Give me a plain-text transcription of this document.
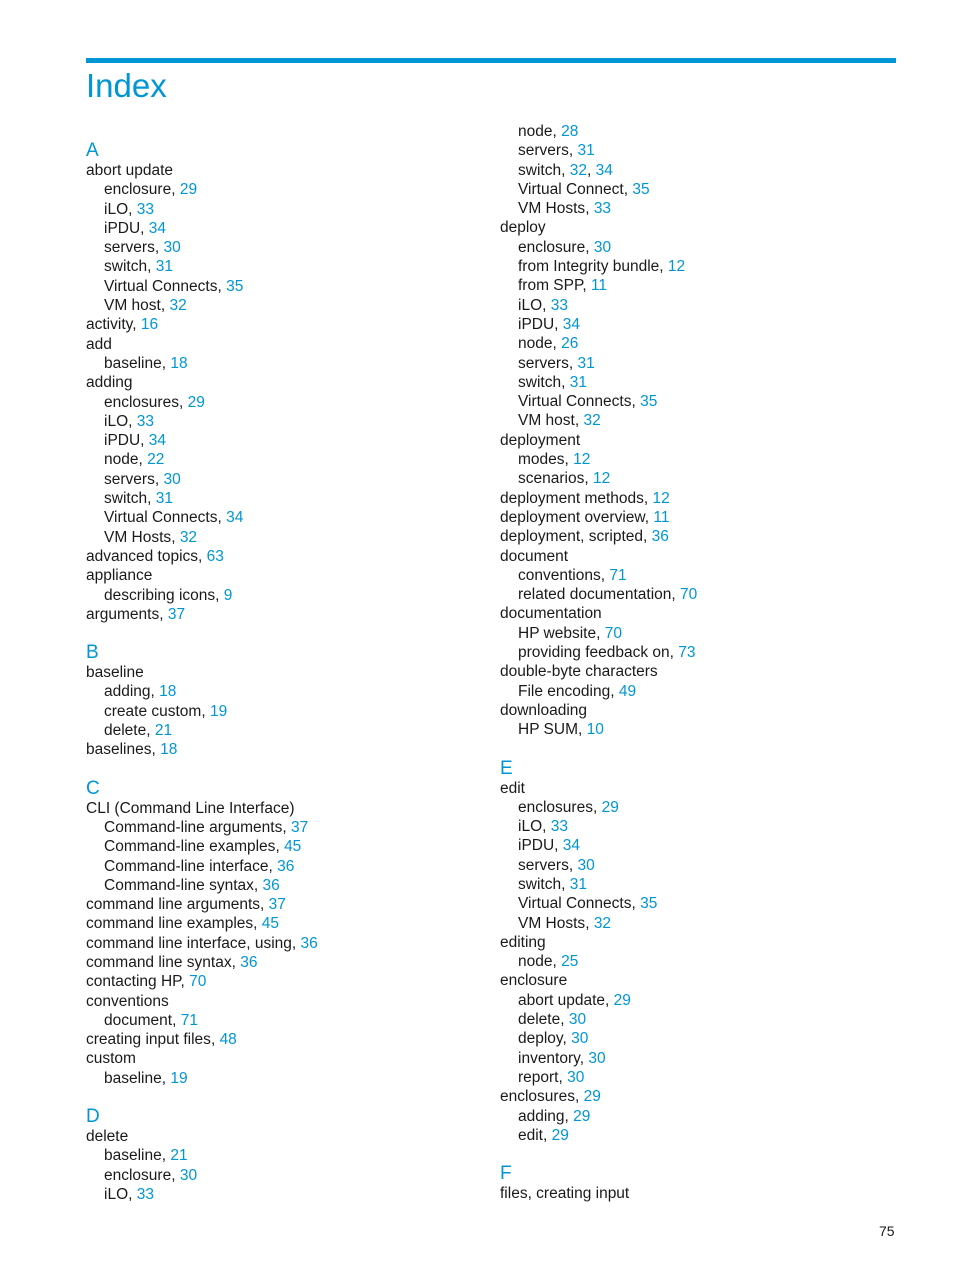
Index
A
abort update
enclosure, 29
iLO, 33
iPDU, 34
servers, 30
switch, 31
Virtual Connects, 35
VM host, 32
activity, 16
add
baseline, 18
adding
enclosures, 29
iLO, 33
iPDU, 34
node, 22
servers, 30
switch, 31
Virtual Connects, 34
VM Hosts, 32
advanced topics, 63
appliance
describing icons, 9
arguments, 37
B
baseline
adding, 18
create custom, 19
delete, 21
baselines, 18
C
CLI (Command Line Interface)
Command-line arguments, 37
Command-line examples, 45
Command-line interface, 36
Command-line syntax, 36
command line arguments, 37
command line examples, 45
command line interface, using, 36
command line syntax, 36
contacting HP, 70
conventions
document, 71
creating input files, 48
custom
baseline, 19
D
delete
baseline, 21
enclosure, 30
iLO, 33
node, 28
servers, 31
switch, 32, 34
Virtual Connect, 35
VM Hosts, 33
deploy
enclosure, 30
from Integrity bundle, 12
from SPP, 11
iLO, 33
iPDU, 34
node, 26
servers, 31
switch, 31
Virtual Connects, 35
VM host, 32
deployment
modes, 12
scenarios, 12
deployment methods, 12
deployment overview, 11
deployment, scripted, 36
document
conventions, 71
related documentation, 70
documentation
HP website, 70
providing feedback on, 73
double-byte characters
File encoding, 49
downloading
HP SUM, 10
E
edit
enclosures, 29
iLO, 33
iPDU, 34
servers, 30
switch, 31
Virtual Connects, 35
VM Hosts, 32
editing
node, 25
enclosure
abort update, 29
delete, 30
deploy, 30
inventory, 30
report, 30
enclosures, 29
adding, 29
edit, 29
F
files, creating input
75
